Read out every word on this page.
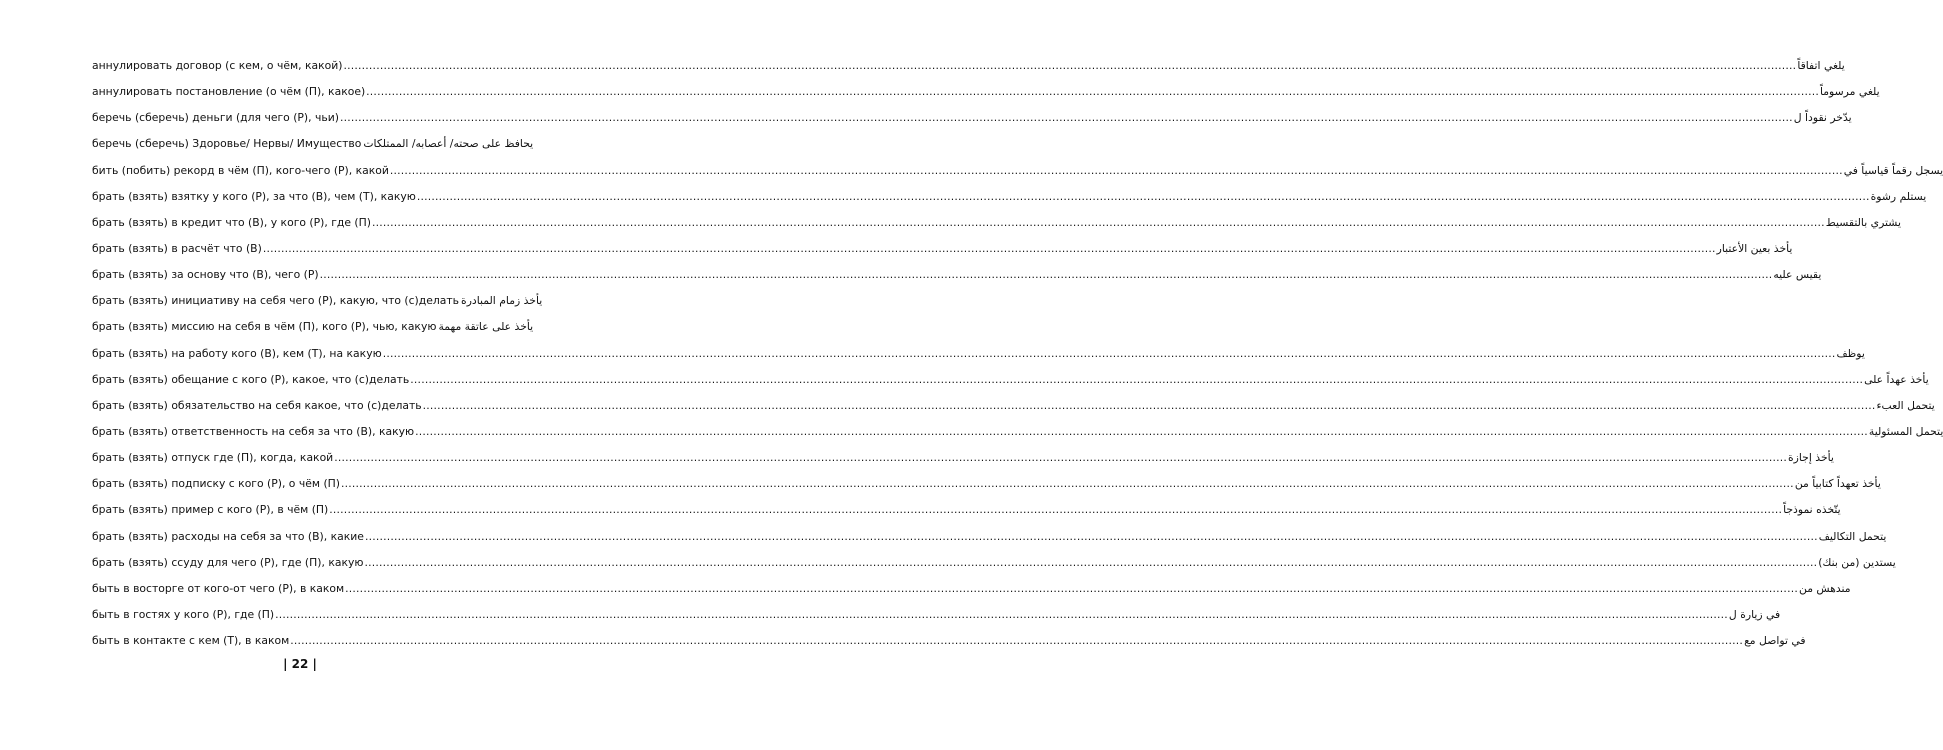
аннулировать договор (с кем, о чём, какой) ................................................................................................................................................................................................................................................................................................................................................................................................................ يلغي اتفاقاً
аннулировать постановление (о чём (П), какое) ................................................................................................................................................................................................................................................................................................................................................................................................................ يلغي مرسوماً
беречь (сберечь) деньги (для чего (Р), чьи) ................................................................................................................................................................................................................................................................................................................................................................................................................ يدّخر نقوداً ل
беречь (сберечь) Здоровье/ Нервы/ Имущество يحافظ على صحته/ أعصابه/ الممتلكات
бить (побить) рекорд в чём (П), кого-чего (Р), какой ................................................................................................................................................................................................................................................................................................................................................................................................................ يسجل رقماً قياسياً في
брать (взять) взятку у кого (Р), за что (В), чем (Т), какую ................................................................................................................................................................................................................................................................................................................................................................................................................ يستلم رشوة
брать (взять) в кредит что (В), у кого (Р), где (П) ................................................................................................................................................................................................................................................................................................................................................................................................................ يشتري بالتقسيط
брать (взять) в расчёт что (В) ................................................................................................................................................................................................................................................................................................................................................................................................................ يأخذ بعين الأعتبار
брать (взять) за основу что (В), чего (Р) ................................................................................................................................................................................................................................................................................................................................................................................................................ يقيس عليه
брать (взять) инициативу на себя чего (Р), какую, что (с)делать يأخذ زمام المبادرة
брать (взять) миссию на себя в чём (П), кого (Р), чью, какую يأخذ على عاتقة مهمة
брать (взять) на работу кого (В), кем (Т), на какую ................................................................................................................................................................................................................................................................................................................................................................................................................ يوظف
брать (взять) обещание с кого (Р), какое, что (с)делать ................................................................................................................................................................................................................................................................................................................................................................................................................ يأخذ عهداً على
брать (взять) обязательство на себя какое, что (с)делать ................................................................................................................................................................................................................................................................................................................................................................................................................ يتحمل العبء
брать (взять) ответственность на себя за что (В), какую ................................................................................................................................................................................................................................................................................................................................................................................................................ يتحمل المسئولية
брать (взять) отпуск где (П), когда, какой ................................................................................................................................................................................................................................................................................................................................................................................................................ يأخذ إجازة
брать (взять) подписку с кого (Р), о чём (П) ................................................................................................................................................................................................................................................................................................................................................................................................................ يأخذ تعهداً كتابياً من
брать (взять) пример с кого (Р), в чём (П) ................................................................................................................................................................................................................................................................................................................................................................................................................ يتّخذه نموذجاً
брать (взять) расходы на себя за что (В), какие ................................................................................................................................................................................................................................................................................................................................................................................................................ يتحمل التكاليف
брать (взять) ссуду для чего (Р), где (П), какую ................................................................................................................................................................................................................................................................................................................................................................................................................ يستدين (من بنك)
быть в восторге от кого-от чего (Р), в каком ................................................................................................................................................................................................................................................................................................................................................................................................................ مندهش من
быть в гостях у кого (Р), где (П) ................................................................................................................................................................................................................................................................................................................................................................................................................ في زيارة ل
быть в контакте с кем (Т), в каком ................................................................................................................................................................................................................................................................................................................................................................................................................ في تواصل مع
| 22 |
